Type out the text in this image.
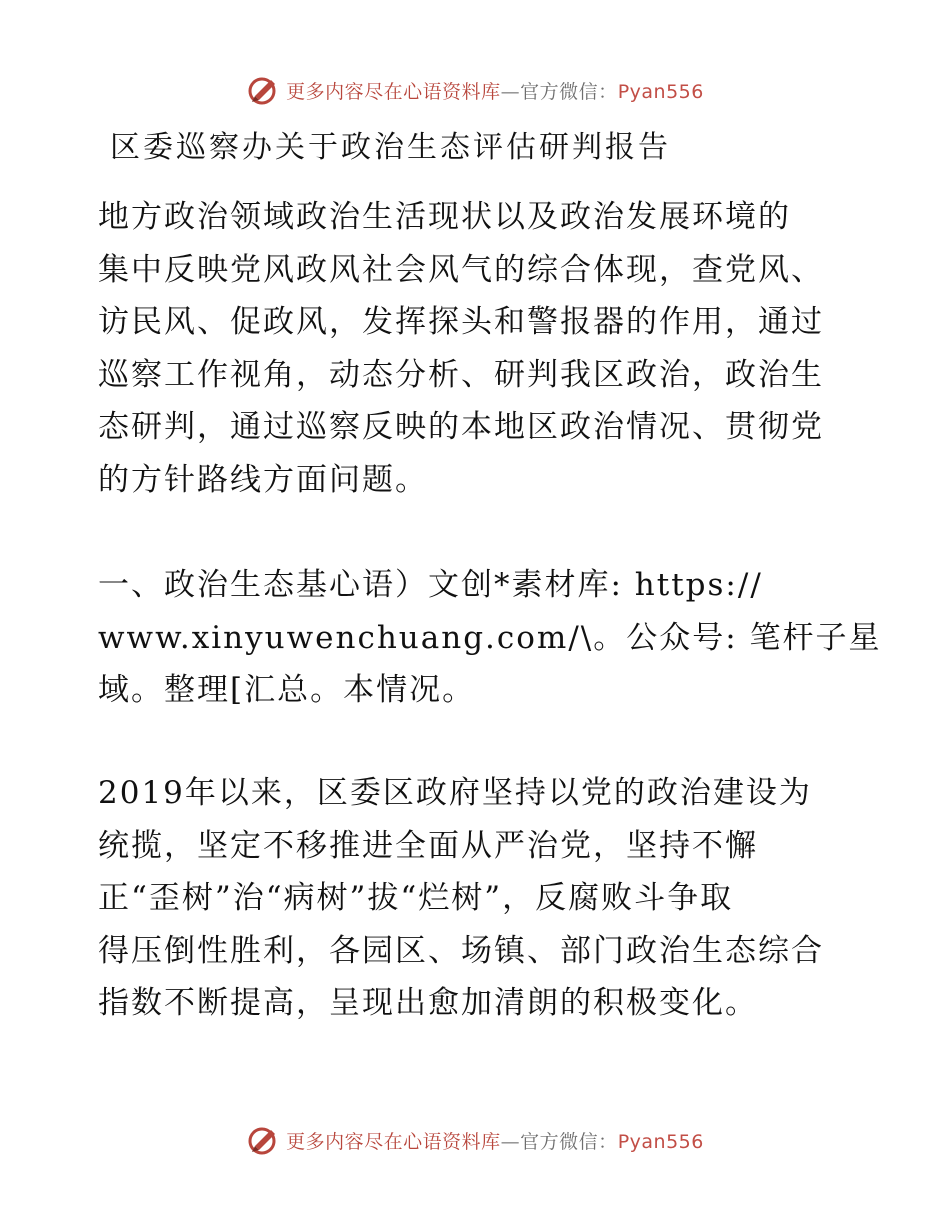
更多内容尽在心语资料库—官方微信：Pyan556
区委巡察办关于政治生态评估研判报告
地方政治领域政治生活现状以及政治发展环境的
集中反映党风政风社会风气的综合体现，查党风、
访民风、促政风，发挥探头和警报器的作用，通过
巡察工作视角，动态分析、研判我区政治，政治生
态研判，通过巡察反映的本地区政治情况、贯彻党
的方针路线方面问题。
一、政治生态基心语）文创*素材库: https://
www.xinyuwenchuang.com/\。公众号: 笔杆子星
域。整理[汇总。本情况。
2019年以来，区委区政府坚持以党的政治建设为
统揽，坚定不移推进全面从严治党，坚持不懈
正“歪树”治“病树”拔“烂树”，反腐败斗争取
得压倒性胜利，各园区、场镇、部门政治生态综合
指数不断提高，呈现出愈加清朗的积极变化。
更多内容尽在心语资料库—官方微信：Pyan556
